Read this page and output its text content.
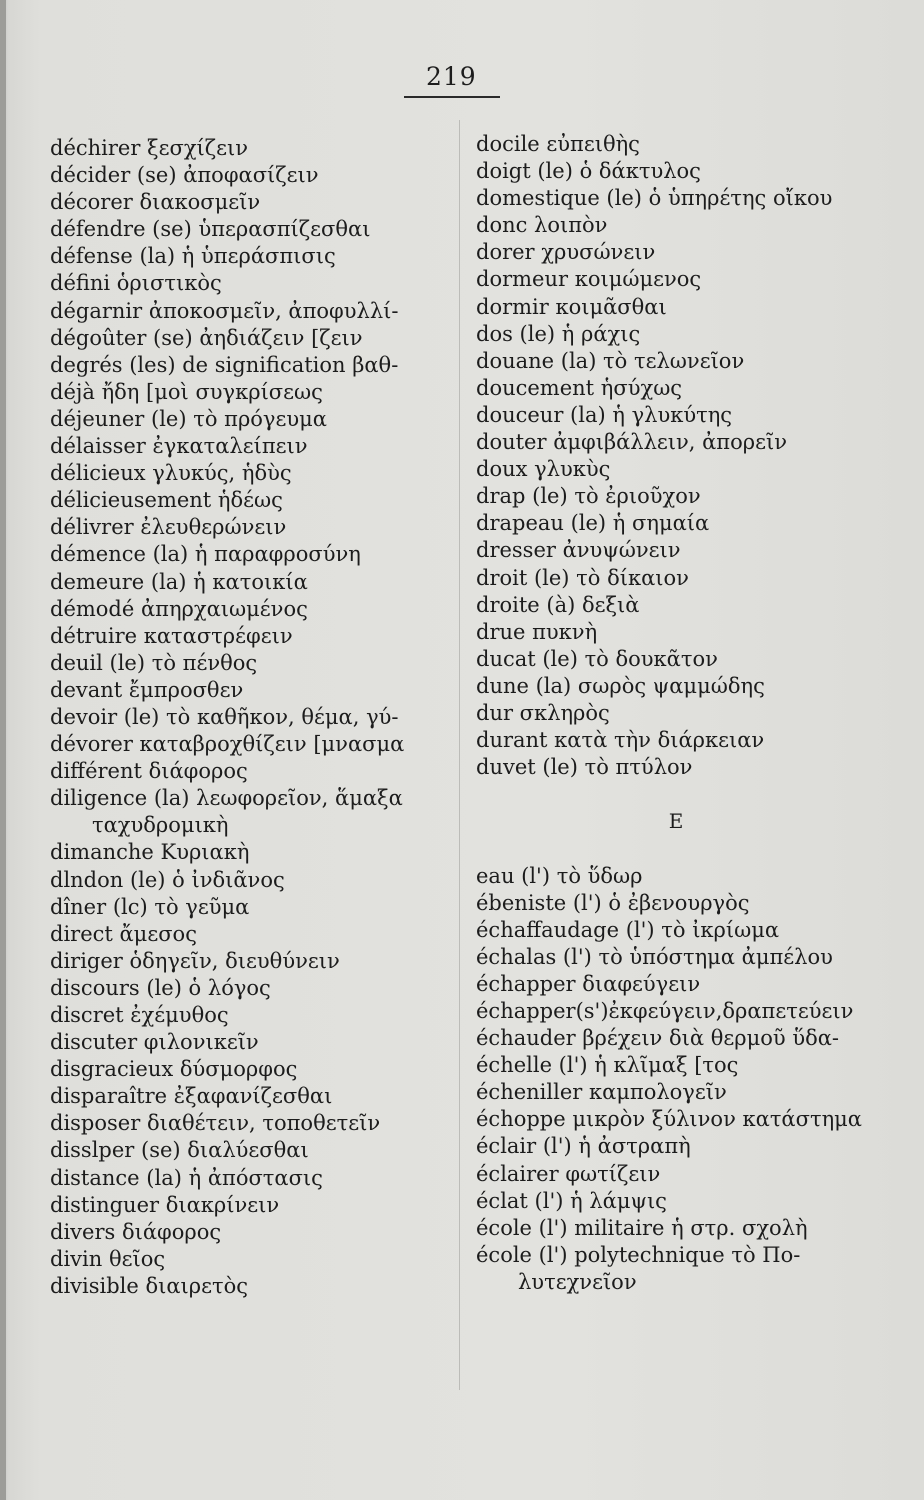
219
déchirer ξεσχίζειν
décider (se) ἀποφασίζειν
décorer διακοσμεῖν
défendre (se) ὑπερασπίζεσθαι
défense (la) ἡ ὑπεράσπισις
défini ὁριστικὸς
dégarnir ἀποκοσμεῖν, ἀποφυλλί-
dégoûter (se) ἀηδιάζειν [ζειν
degrés (les) de signification βαθ-
déjà ἤδη [μοὶ συγκρίσεως
déjeuner (le) τὸ πρόγευμα
délaisser ἐγκαταλείπειν
délicieux γλυκύς, ἡδὺς
délicieusement ἡδέως
délivrer ἐλευθερώνειν
démence (la) ἡ παραφροσύνη
demeure (la) ἡ κατοικία
démodé ἀπηρχαιωμένος
détruire καταστρέφειν
deuil (le) τὸ πένθος
devant ἔμπροσθεν
devoir (le) τὸ καθῆκον, θέμα, γύ-
dévorer καταβροχθίζειν [μνασμα
différent διάφορος
diligence (la) λεωφορεῖον, ἅμαξα
ταχυδρομικὴ
dimanche Κυριακὴ
dlndon (le) ὁ ἰνδιᾶνος
dîner (lc) τὸ γεῦμα
direct ἄμεσος
diriger ὁδηγεῖν, διευθύνειν
discours (le) ὁ λόγος
discret ἐχέμυθος
discuter φιλονικεῖν
disgracieux δύσμορφος
disparaître ἐξαφανίζεσθαι
disposer διαθέτειν, τοποθετεῖν
disslper (se) διαλύεσθαι
distance (la) ἡ ἀπόστασις
distinguer διακρίνειν
divers διάφορος
divin θεῖος
divisible διαιρετὸς
docile εὐπειθὴς
doigt (le) ὁ δάκτυλος
domestique (le) ὁ ὑπηρέτης οἴκου
donc λοιπὸν
dorer χρυσώνειν
dormeur κοιμώμενος
dormir κοιμᾶσθαι
dos (le) ἡ ράχις
douane (la) τὸ τελωνεῖον
doucement ἡσύχως
douceur (la) ἡ γλυκύτης
douter ἀμφιβάλλειν, ἀπορεῖν
doux γλυκὺς
drap (le) τὸ ἐριοῦχον
drapeau (le) ἡ σημαία
dresser ἀνυψώνειν
droit (le) τὸ δίκαιον
droite (à) δεξιὰ
drue πυκνὴ
ducat (le) τὸ δουκᾶτον
dune (la) σωρὸς ψαμμώδης
dur σκληρὸς
durant κατὰ τὴν διάρκειαν
duvet (le) τὸ πτύλον
E
eau (l') τὸ ὕδωρ
ébeniste (l') ὁ ἐβενουργὸς
échaffaudage (l') τὸ ἰκρίωμα
échalas (l') τὸ ὑπόστημα ἀμπέλου
échapper διαφεύγειν
échapper(s')ἐκφεύγειν,δραπετεύειν
échauder βρέχειν διὰ θερμοῦ ὕδα-
échelle (l') ἡ κλῖμαξ [τος
écheniller καμπολογεῖν
échoppe μικρὸν ξύλινον κατάστημα
éclair (l') ἡ ἀστραπὴ
éclairer φωτίζειν
éclat (l') ἡ λάμψις
école (l') militaire ἡ στρ. σχολὴ
école (l') polytechnique τὸ Πο-
λυτεχνεῖον
